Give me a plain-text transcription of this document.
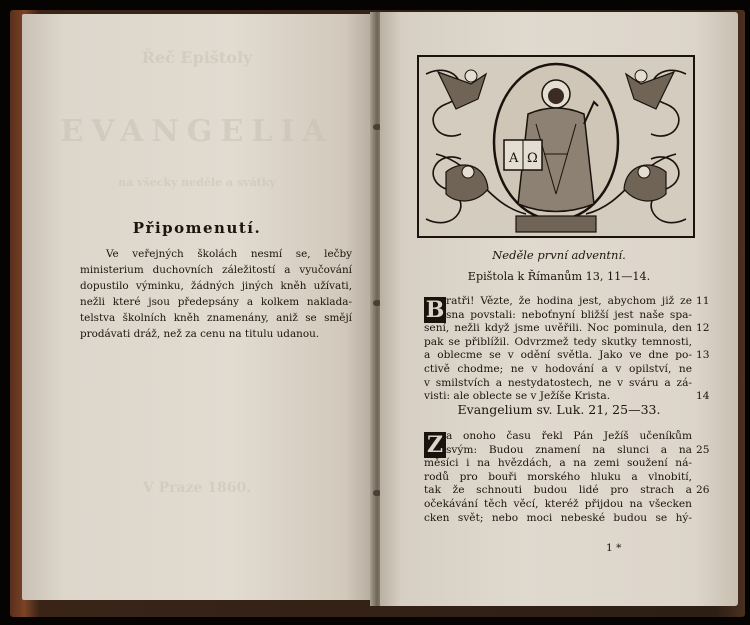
Řeč Epištoly
EVANGELIA
na všecky neděle a svátky
V Praze 1860.
Připomenutí.
Ve veřejných školách nesmí se, lečby
ministerium duchovních záležitostí a vyučování
dopustilo výminku, žádných jiných kněh užívati,
nežli které jsou předepsány a kolkem naklada-
telstva školních kněh znamenány, aniž se smějí
prodávati dráž, než za cenu na titulu udanou.
A Ω
Neděle první adventní.
Epištola k Římanům 13, 11—14.
B ratři! Vězte, že hodina jest, abychom již ze
sna povstali: neboťnyní bližší jest naše spa-
sení, nežli když jsme uvěřili. Noc pominula, den
pak se přiblížil. Odvrzmež tedy skutky temnosti,
a oblecme se v odění světla. Jako ve dne po-
ctivě chodme; ne v hodování a v opilství, ne
v smilstvích a nestydatostech, ne v sváru a zá-
visti: ale oblecte se v Ježíše Krista.
11

12

13

14
Evangelium sv. Luk. 21, 25—33.
Z a onoho času řekl Pán Ježíš učeníkům
svým: Budou znamení na slunci a na
měsíci i na hvězdách, a na zemi soužení ná-
rodů pro bouři morského hluku a vlnobití,
tak že schnouti budou lidé pro strach a
očekávání těch věcí, kteréž přijdou na všecken
cken svět; nebo moci nebeské budou se hý-

25

26

1 *
